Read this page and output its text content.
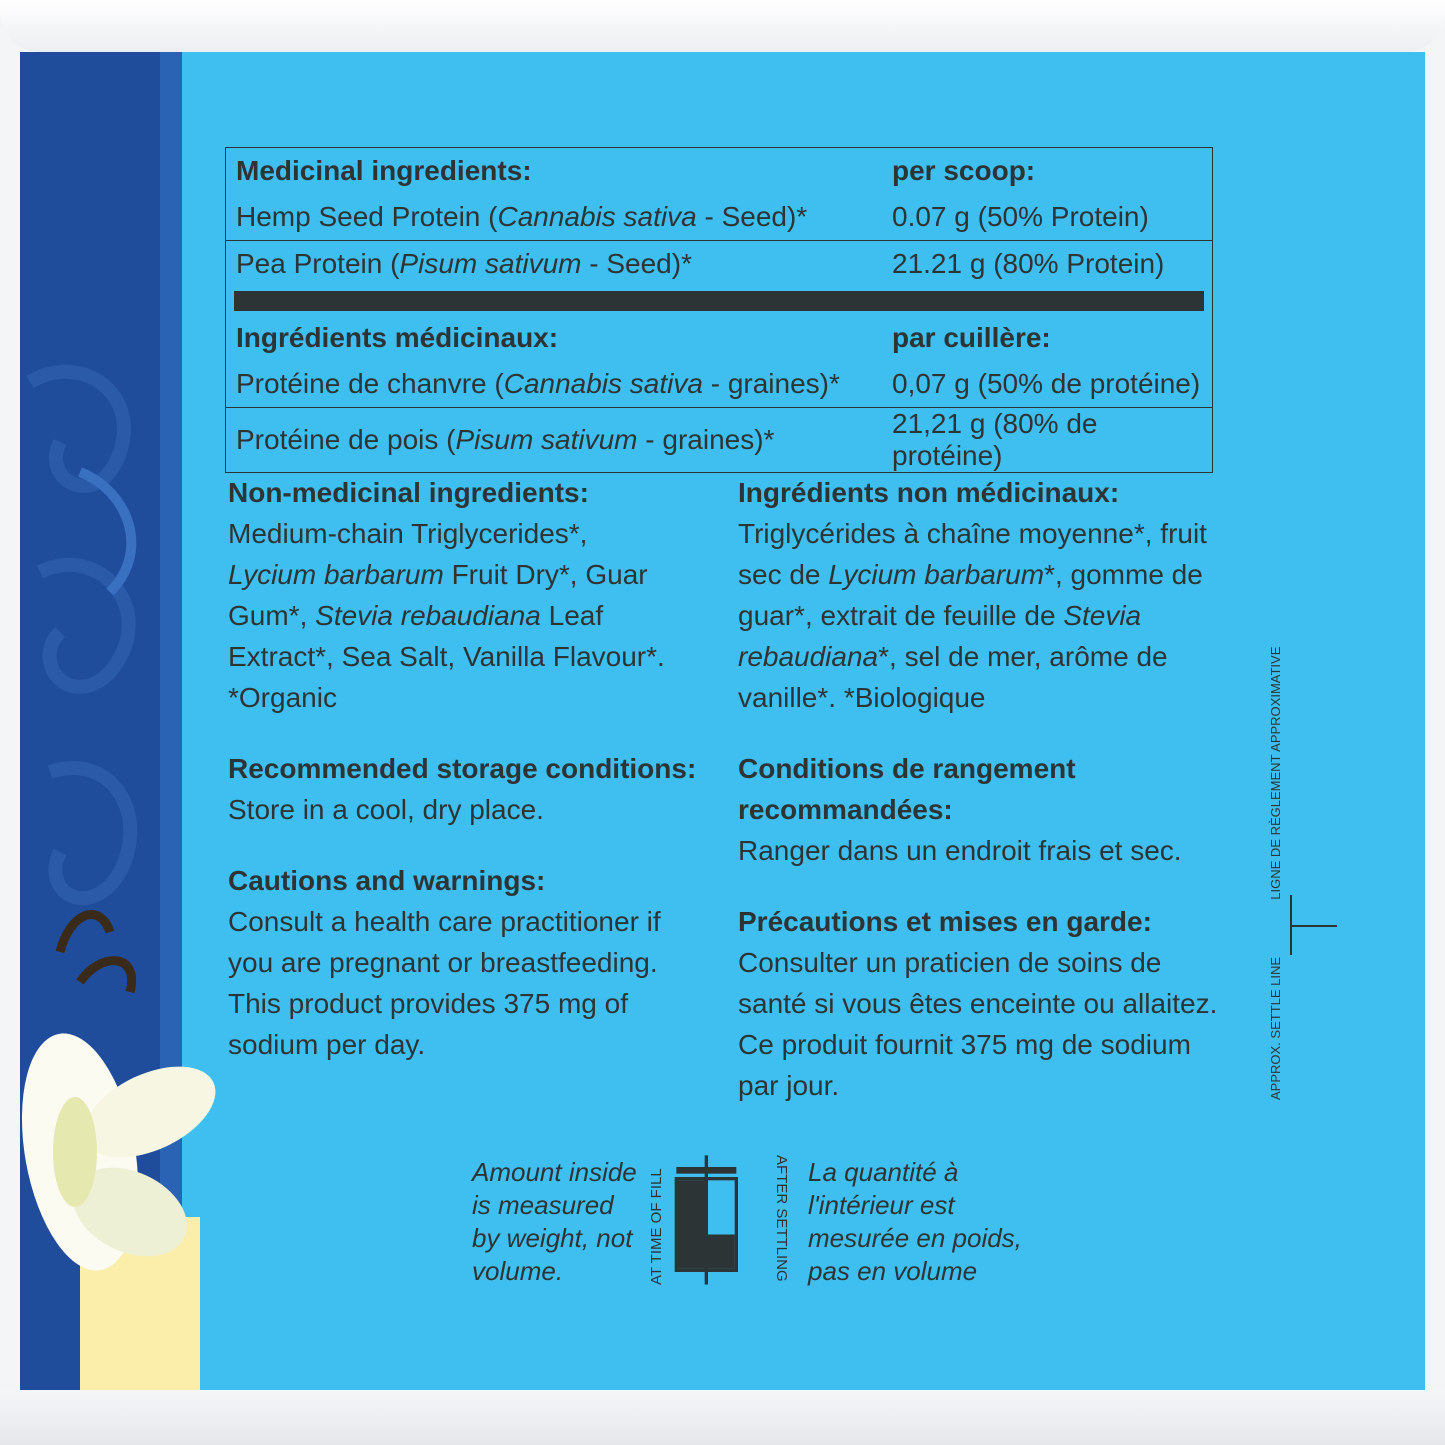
Medicinal ingredients:	per scoop:
Hemp Seed Protein (Cannabis sativa - Seed)*	0.07 g (50% Protein)
Pea Protein (Pisum sativum - Seed)*	21.21 g (80% Protein)

Ingrédients médicinaux:	par cuillère:
Protéine de chanvre (Cannabis sativa - graines)*	0,07 g (50% de protéine)
Protéine de pois (Pisum sativum - graines)*	21,21 g (80% de protéine)

Non-medicinal ingredients:
Medium-chain Triglycerides*,
Lycium barbarum Fruit Dry*, Guar Gum*, Stevia rebaudiana Leaf Extract*, Sea Salt, Vanilla Flavour*. *Organic

Recommended storage conditions:
Store in a cool, dry place.

Cautions and warnings:
Consult a health care practitioner if you are pregnant or breastfeeding. This product provides 375 mg of sodium per day.

Ingrédients non médicinaux:
Triglycérides à chaîne moyenne*, fruit sec de Lycium barbarum*, gomme de guar*, extrait de feuille de Stevia rebaudiana*, sel de mer, arôme de vanille*. *Biologique

Conditions de rangement recommandées:
Ranger dans un endroit frais et sec.

Précautions et mises en garde:
Consulter un praticien de soins de santé si vous êtes enceinte ou allaitez. Ce produit fournit 375 mg de sodium par jour.	APPROX. SETTLE LINE  LIGNE DE RÈGLEMENT APPROXIMATIVE
Amount inside is measured by weight, not volume.
La quantité à l'intérieur est mesurée en poids, pas en volume
AT TIME OF FILL	AFTER SETTLING
